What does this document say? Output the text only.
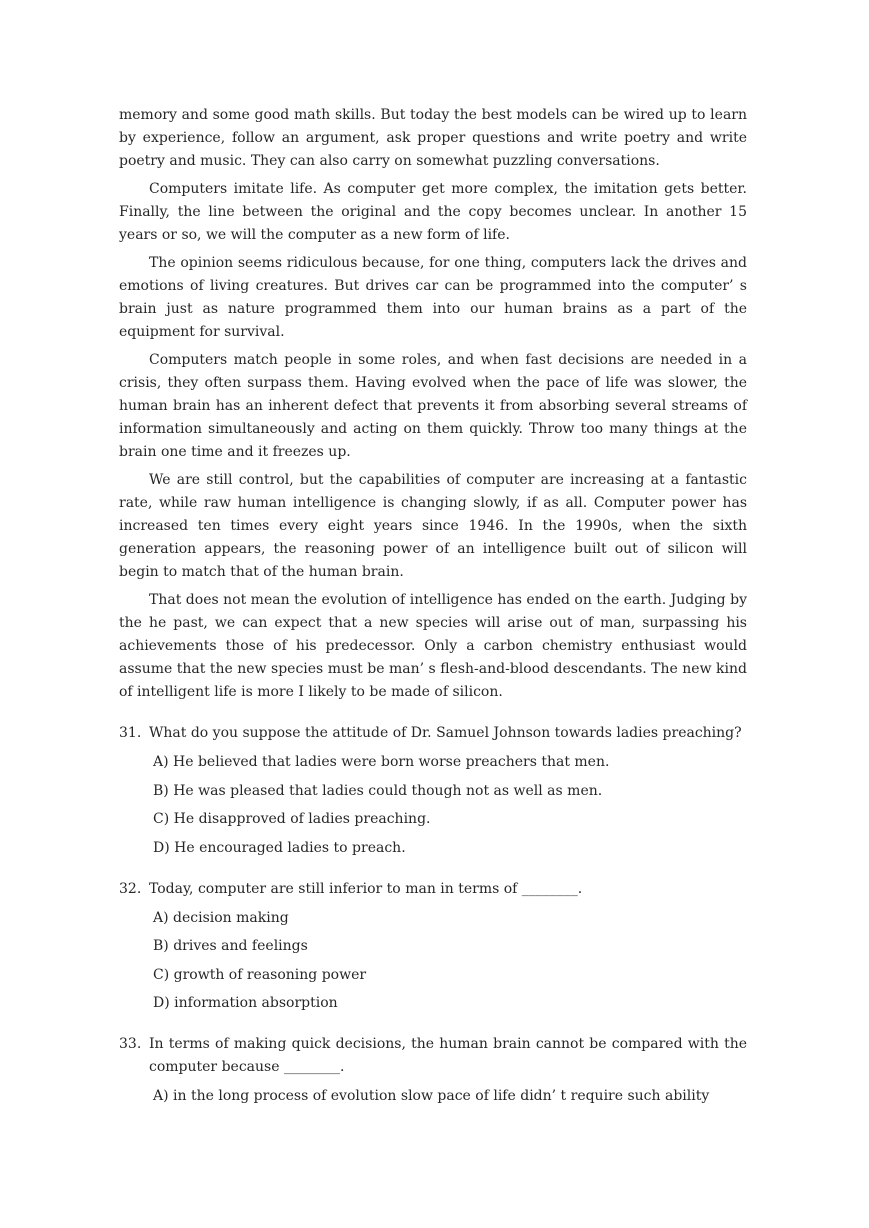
memory and some good math skills. But today the best models can be wired up to learn by experience, follow an argument, ask proper questions and write poetry and write poetry and music. They can also carry on somewhat puzzling conversations.

Computers imitate life. As computer get more complex, the imitation gets better. Finally, the line between the original and the copy becomes unclear. In another 15 years or so, we will the computer as a new form of life.

The opinion seems ridiculous because, for one thing, computers lack the drives and emotions of living creatures. But drives car can be programmed into the computer’ s brain just as nature programmed them into our human brains as a part of the equipment for survival.

Computers match people in some roles, and when fast decisions are needed in a crisis, they often surpass them. Having evolved when the pace of life was slower, the human brain has an inherent defect that prevents it from absorbing several streams of information simultaneously and acting on them quickly. Throw too many things at the brain one time and it freezes up.

We are still control, but the capabilities of computer are increasing at a fantastic rate, while raw human intelligence is changing slowly, if as all. Computer power has increased ten times every eight years since 1946. In the 1990s, when the sixth generation appears, the reasoning power of an intelligence built out of silicon will begin to match that of the human brain.

That does not mean the evolution of intelligence has ended on the earth. Judging by the he past, we can expect that a new species will arise out of man, surpassing his achievements those of his predecessor. Only a carbon chemistry enthusiast would assume that the new species must be man’ s flesh-and-blood descendants. The new kind of intelligent life is more I likely to be made of silicon.

31. What do you suppose the attitude of Dr. Samuel Johnson towards ladies preaching?
A) He believed that ladies were born worse preachers that men.
B) He was pleased that ladies could though not as well as men.
C) He disapproved of ladies preaching.
D) He encouraged ladies to preach.
32. Today, computer are still inferior to man in terms of ________.
A) decision making
B) drives and feelings
C) growth of reasoning power
D) information absorption
33. In terms of making quick decisions, the human brain cannot be compared with the computer because ________.
A) in the long process of evolution slow pace of life didn’ t require such ability
